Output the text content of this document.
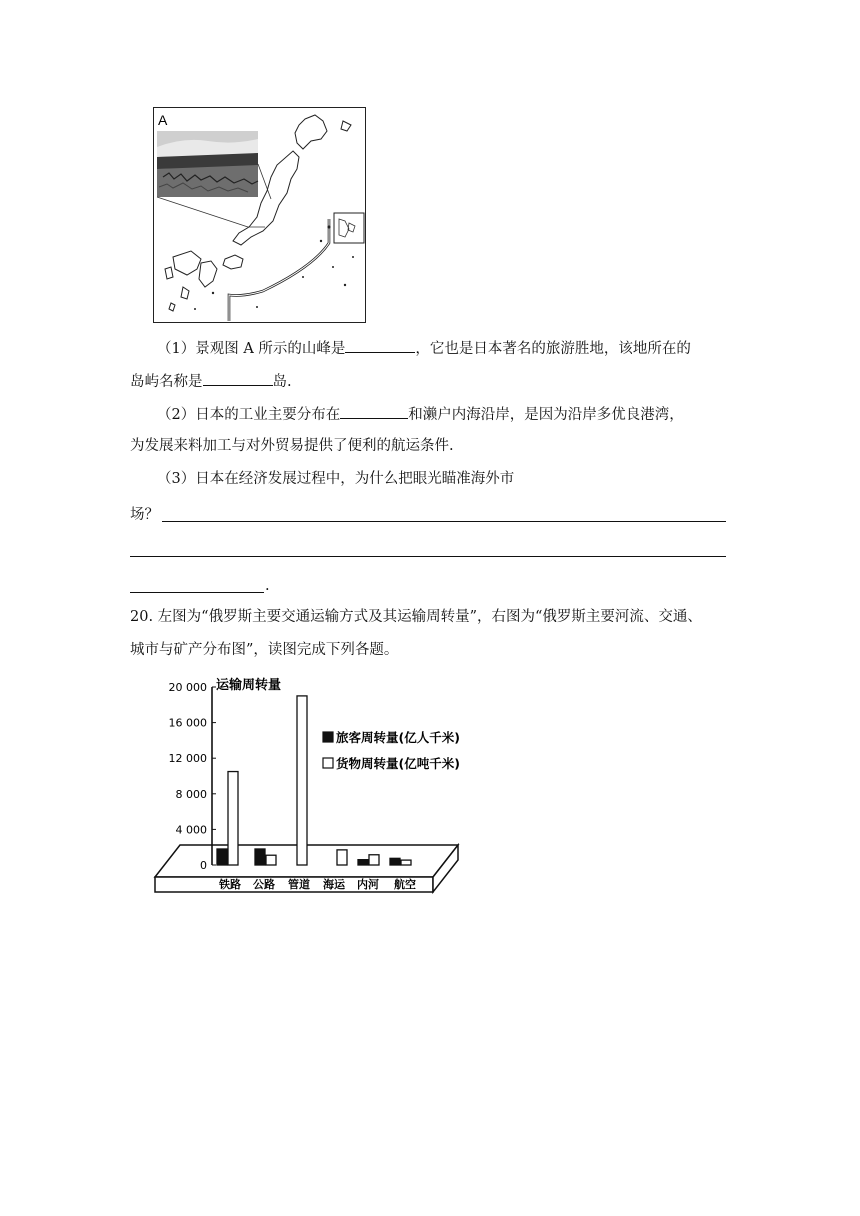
A
（1）景观图 A 所示的山峰是	，它也是日本著名的旅游胜地，该地所在的
岛屿名称是	岛.
（2）日本的工业主要分布在	和濑户内海沿岸，是因为沿岸多优良港湾，
为发展来料加工与对外贸易提供了便利的航运条件.
（3）日本在经济发展过程中，为什么把眼光瞄准海外市
场？
.
20. 左图为“俄罗斯主要交通运输方式及其运输周转量”，右图为“俄罗斯主要河流、交通、
城市与矿产分布图”，读图完成下列各题。
0
4 000
8 000
12 000
16 000
20 000 运输周转量
铁路 公路 管道 海运 内河 航空
旅客周转量(亿人千米)
货物周转量(亿吨千米)
